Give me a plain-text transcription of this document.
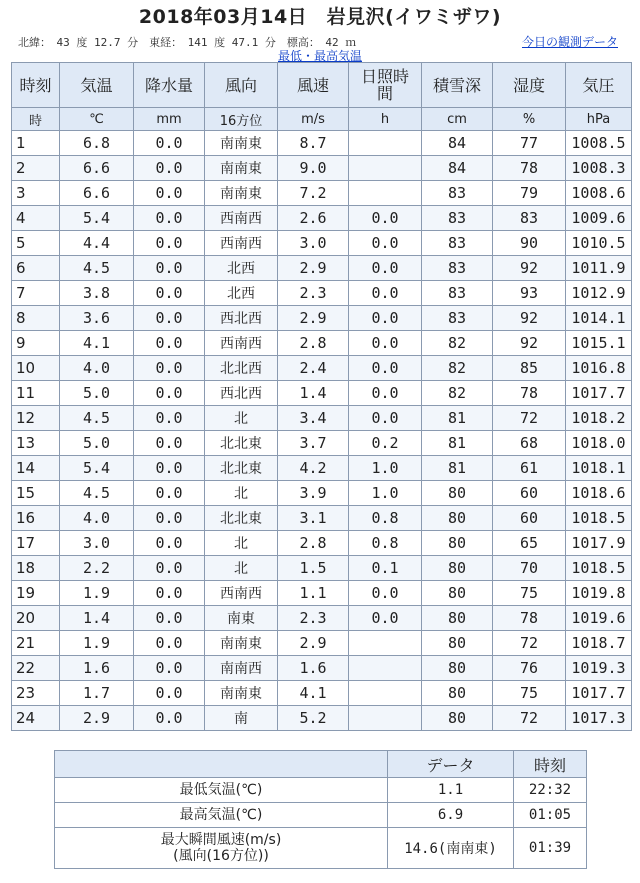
2018年03月14日　岩見沢(イワミザワ)
北緯：　43 度 12.7 分　東経：　141 度 47.1 分　標高：　42 ｍ	今日の観測データ
最低・最高気温
時刻	気温	降水量	風向	風速	日照時間	積雪深	湿度	気圧
時	℃	mm	16方位	m/s	h	cm	%	hPa
1	6.8	0.0	南南東	8.7		84	77	1008.5
2	6.6	0.0	南南東	9.0		84	78	1008.3
3	6.6	0.0	南南東	7.2		83	79	1008.6
4	5.4	0.0	西南西	2.6	0.0	83	83	1009.6
5	4.4	0.0	西南西	3.0	0.0	83	90	1010.5
6	4.5	0.0	北西	2.9	0.0	83	92	1011.9
7	3.8	0.0	北西	2.3	0.0	83	93	1012.9
8	3.6	0.0	西北西	2.9	0.0	83	92	1014.1
9	4.1	0.0	西南西	2.8	0.0	82	92	1015.1
10	4.0	0.0	北北西	2.4	0.0	82	85	1016.8
11	5.0	0.0	西北西	1.4	0.0	82	78	1017.7
12	4.5	0.0	北	3.4	0.0	81	72	1018.2
13	5.0	0.0	北北東	3.7	0.2	81	68	1018.0
14	5.4	0.0	北北東	4.2	1.0	81	61	1018.1
15	4.5	0.0	北	3.9	1.0	80	60	1018.6
16	4.0	0.0	北北東	3.1	0.8	80	60	1018.5
17	3.0	0.0	北	2.8	0.8	80	65	1017.9
18	2.2	0.0	北	1.5	0.1	80	70	1018.5
19	1.9	0.0	西南西	1.1	0.0	80	75	1019.8
20	1.4	0.0	南東	2.3	0.0	80	78	1019.6
21	1.9	0.0	南南東	2.9		80	72	1018.7
22	1.6	0.0	南南西	1.6		80	76	1019.3
23	1.7	0.0	南南東	4.1		80	75	1017.7
24	2.9	0.0	南	5.2		80	72	1017.3
	データ	時刻
最低気温(℃)	1.1	22:32
最高気温(℃)	6.9	01:05
最大瞬間風速(m/s)
(風向(16方位))	14.6(南南東)	01:39
